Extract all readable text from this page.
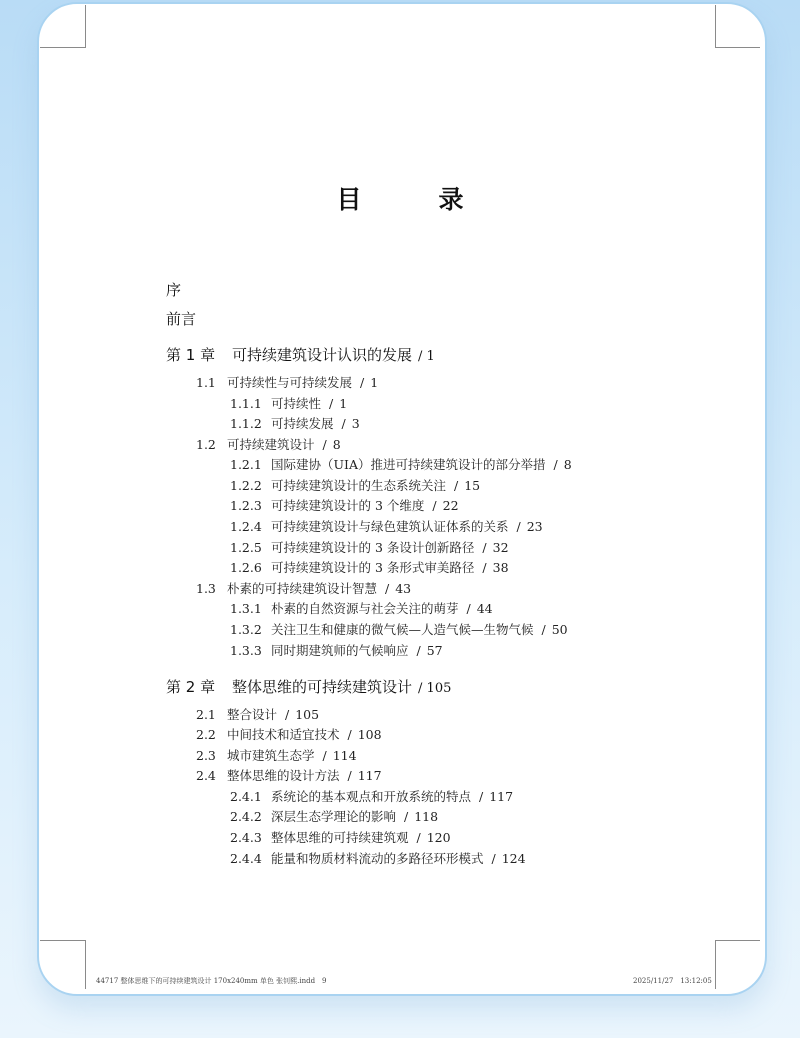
目　录
序
前言
第 1 章 可持续建筑设计认识的发展 / 1
1.1 可持续性与可持续发展 / 1
1.1.1 可持续性 / 1
1.1.2 可持续发展 / 3
1.2 可持续建筑设计 / 8
1.2.1 国际建协（UIA）推进可持续建筑设计的部分举措 / 8
1.2.2 可持续建筑设计的生态系统关注 / 15
1.2.3 可持续建筑设计的 3 个维度 / 22
1.2.4 可持续建筑设计与绿色建筑认证体系的关系 / 23
1.2.5 可持续建筑设计的 3 条设计创新路径 / 32
1.2.6 可持续建筑设计的 3 条形式审美路径 / 38
1.3 朴素的可持续建筑设计智慧 / 43
1.3.1 朴素的自然资源与社会关注的萌芽 / 44
1.3.2 关注卫生和健康的微气候—人造气候—生物气候 / 50
1.3.3 同时期建筑师的气候响应 / 57
第 2 章 整体思维的可持续建筑设计 / 105
2.1 整合设计 / 105
2.2 中间技术和适宜技术 / 108
2.3 城市建筑生态学 / 114
2.4 整体思维的设计方法 / 117
2.4.1 系统论的基本观点和开放系统的特点 / 117
2.4.2 深层生态学理论的影响 / 118
2.4.3 整体思维的可持续建筑观 / 120
2.4.4 能量和物质材料流动的多路径环形模式 / 124
44717 整体思维下的可持续建筑设计 170x240mm 单色 张钊熙.indd　9	2025/11/27　13:12:05
